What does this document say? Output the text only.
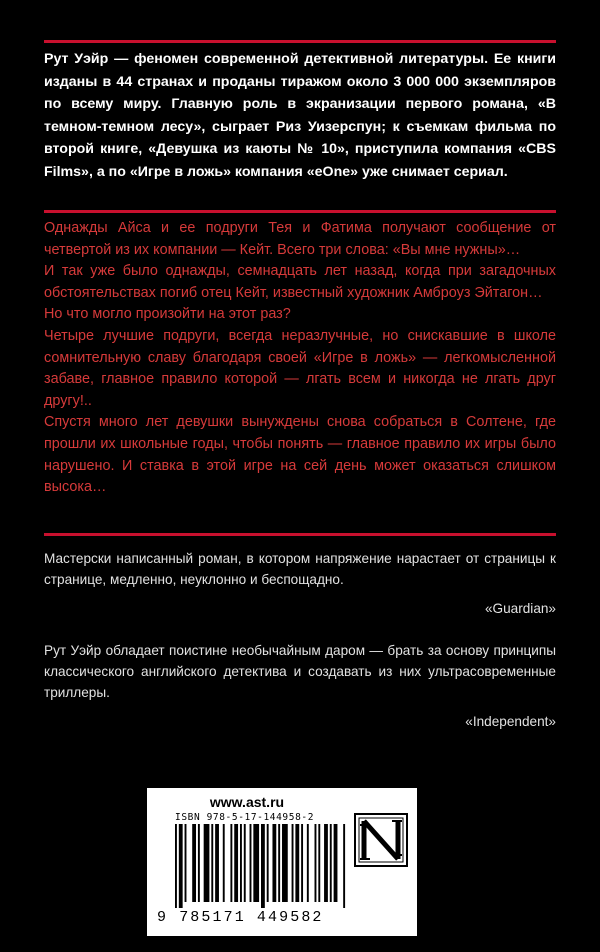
Рут Уэйр — феномен современной детективной литературы. Ее книги изданы в 44 странах и проданы тиражом около 3 000 000 экземпляров по всему миру. Главную роль в экранизации первого романа, «В темном-темном лесу», сыграет Риз Уизерспун; к съемкам фильма по второй книге, «Девушка из каюты № 10», приступила компания «CBS Films», а по «Игре в ложь» компания «eOne» уже снимает сериал.

Однажды Айса и ее подруги Тея и Фатима получают сообщение от четвертой из их компании — Кейт. Всего три слова: «Вы мне нужны»…

И так уже было однажды, семнадцать лет назад, когда при загадочных обстоятельствах погиб отец Кейт, известный художник Амброуз Эйтагон…

Но что могло произойти на этот раз?

Четыре лучшие подруги, всегда неразлучные, но снискавшие в школе сомнительную славу благодаря своей «Игре в ложь» — легкомысленной забаве, главное правило которой — лгать всем и никогда не лгать друг другу!..

Спустя много лет девушки вынуждены снова собраться в Солтене, где прошли их школьные годы, чтобы понять — главное правило их игры было нарушено. И ставка в этой игре на сей день может оказаться слишком высока…

Мастерски написанный роман, в котором напряжение нарастает от страницы к странице, медленно, неуклонно и беспощадно.

«Guardian»

Рут Уэйр обладает поистине необычайным даром — брать за основу принципы классического английского детектива и создавать из них ультрасовременные триллеры.

«Independent»

www.ast.ru
ISBN 978-5-17-144958-2
9 785171 449582
